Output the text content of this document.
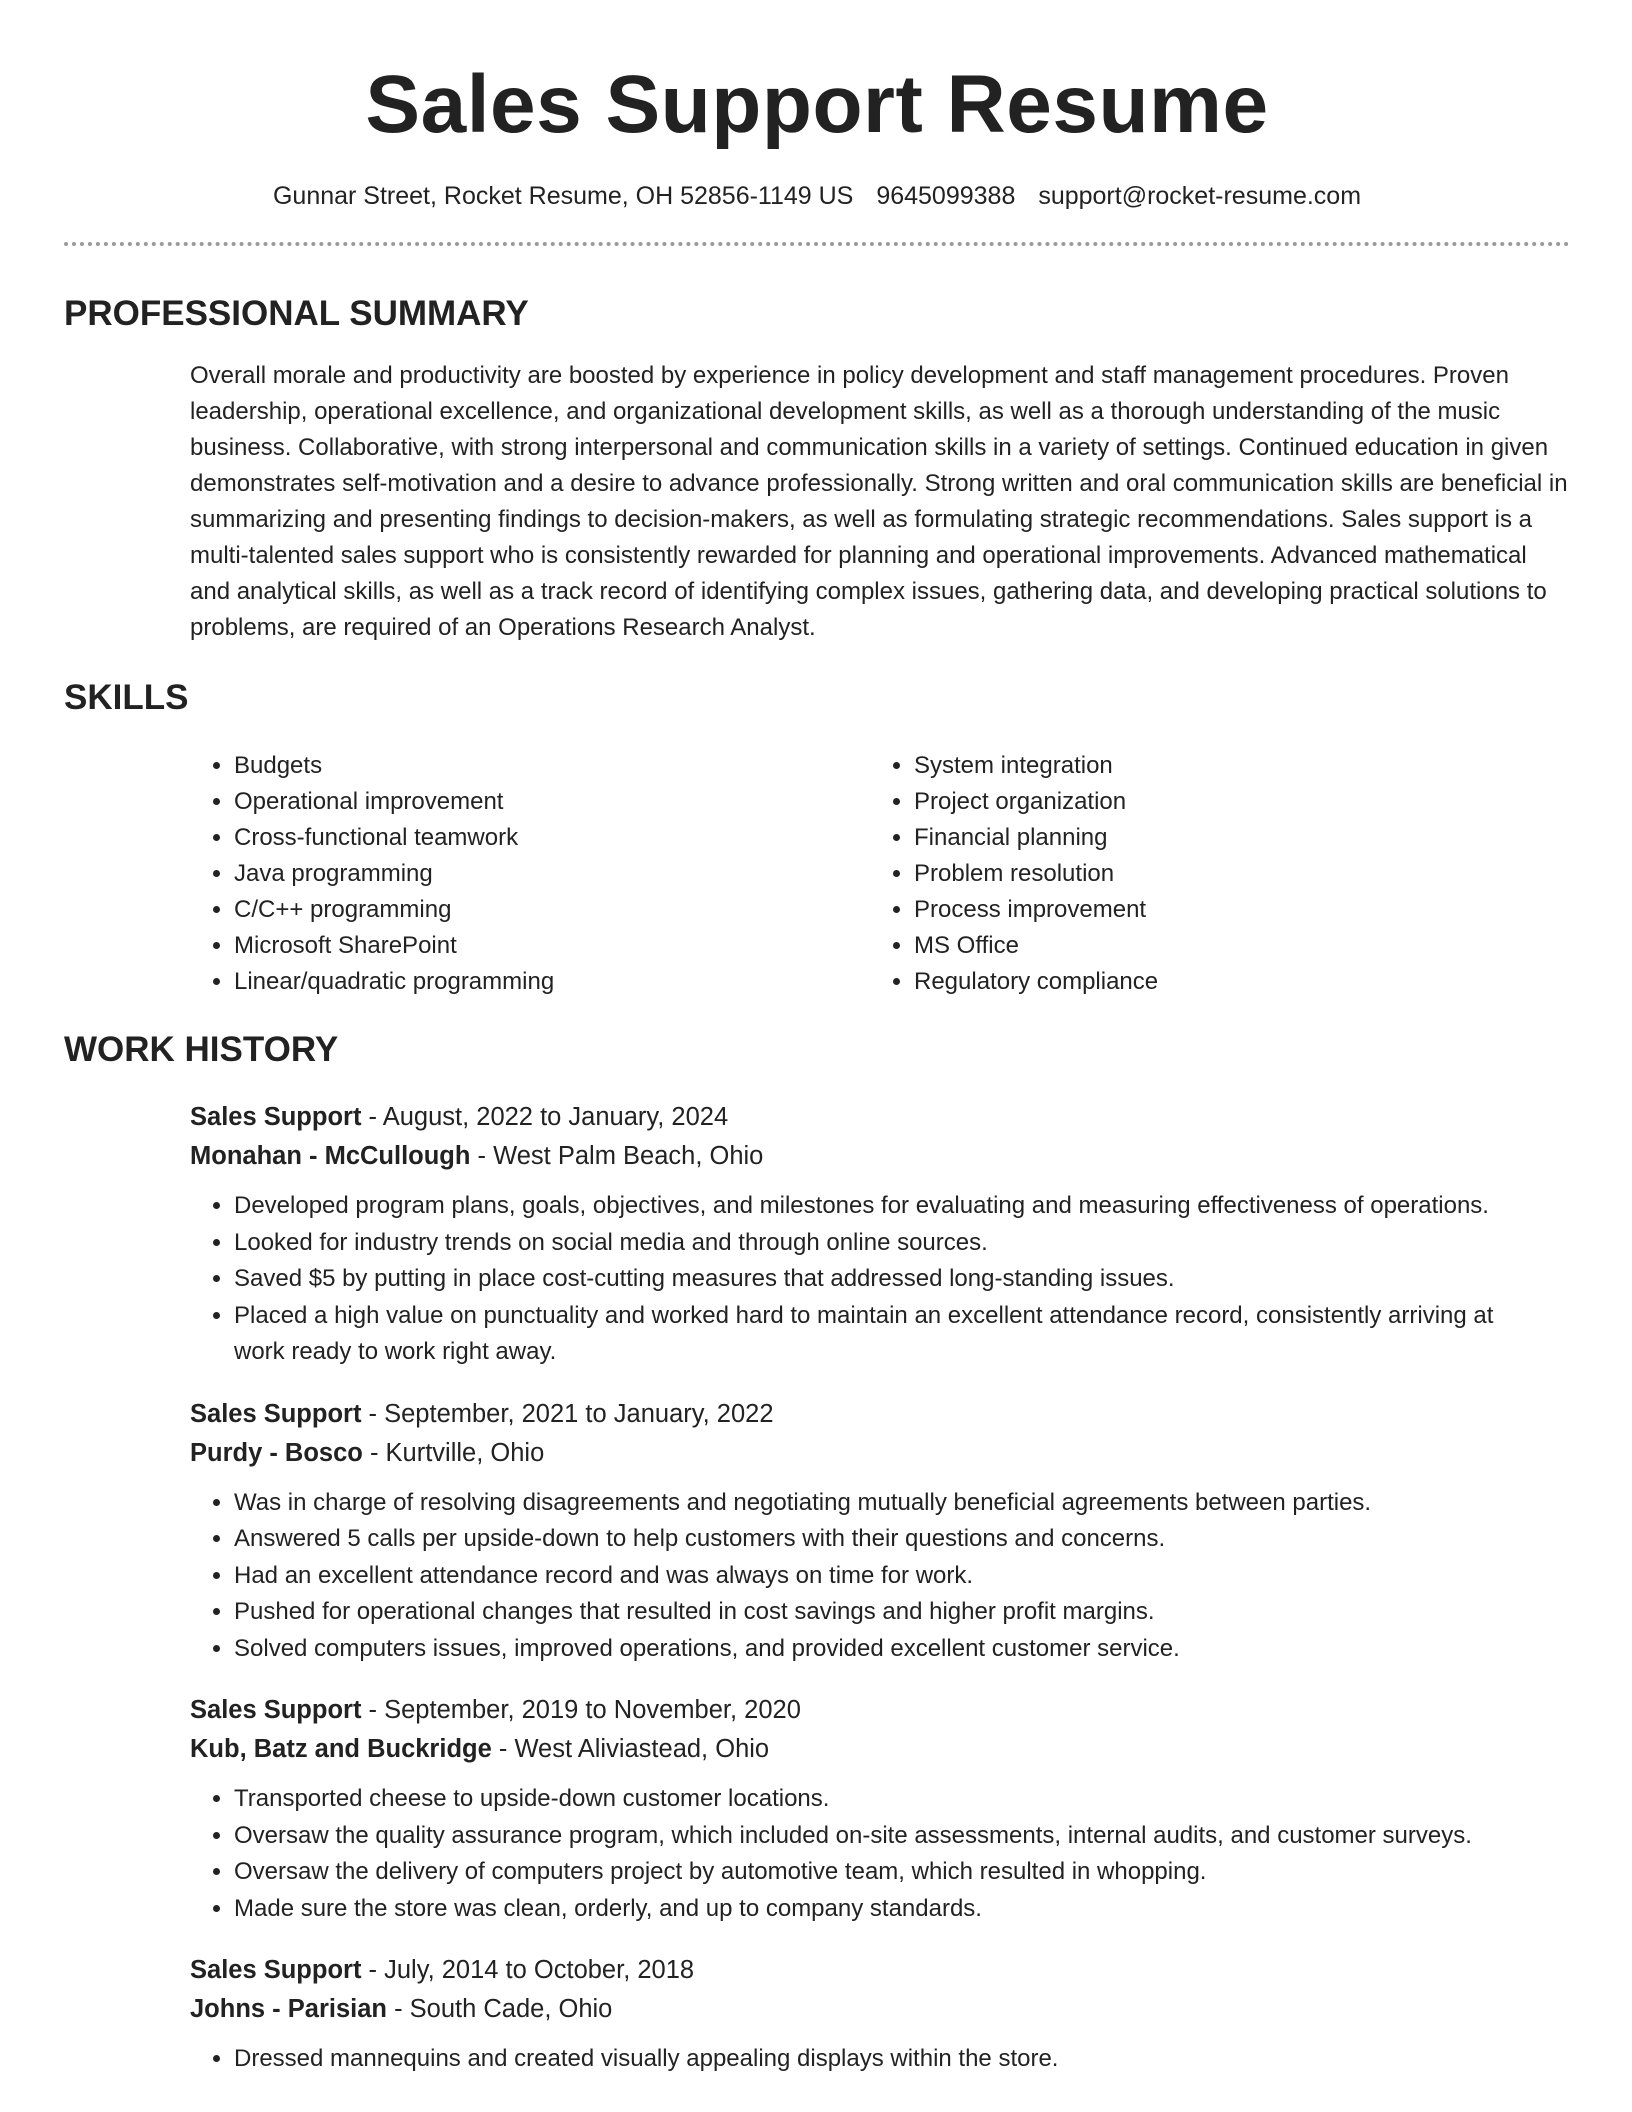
Sales Support Resume
Gunnar Street, Rocket Resume, OH 52856-1149 US 9645099388 support@rocket-resume.com
PROFESSIONAL SUMMARY
Overall morale and productivity are boosted by experience in policy development and staff management procedures. Proven leadership, operational excellence, and organizational development skills, as well as a thorough understanding of the music business. Collaborative, with strong interpersonal and communication skills in a variety of settings. Continued education in given demonstrates self-motivation and a desire to advance professionally. Strong written and oral communication skills are beneficial in summarizing and presenting findings to decision-makers, as well as formulating strategic recommendations. Sales support is a multi-talented sales support who is consistently rewarded for planning and operational improvements. Advanced mathematical and analytical skills, as well as a track record of identifying complex issues, gathering data, and developing practical solutions to problems, are required of an Operations Research Analyst.
SKILLS
• Budgets
• Operational improvement
• Cross-functional teamwork
• Java programming
• C/C++ programming
• Microsoft SharePoint
• Linear/quadratic programming
• System integration
• Project organization
• Financial planning
• Problem resolution
• Process improvement
• MS Office
• Regulatory compliance
WORK HISTORY
Sales Support - August, 2022 to January, 2024
Monahan - McCullough - West Palm Beach, Ohio
• Developed program plans, goals, objectives, and milestones for evaluating and measuring effectiveness of operations.
• Looked for industry trends on social media and through online sources.
• Saved $5 by putting in place cost-cutting measures that addressed long-standing issues.
• Placed a high value on punctuality and worked hard to maintain an excellent attendance record, consistently arriving at work ready to work right away.
Sales Support - September, 2021 to January, 2022
Purdy - Bosco - Kurtville, Ohio
• Was in charge of resolving disagreements and negotiating mutually beneficial agreements between parties.
• Answered 5 calls per upside-down to help customers with their questions and concerns.
• Had an excellent attendance record and was always on time for work.
• Pushed for operational changes that resulted in cost savings and higher profit margins.
• Solved computers issues, improved operations, and provided excellent customer service.
Sales Support - September, 2019 to November, 2020
Kub, Batz and Buckridge - West Aliviastead, Ohio
• Transported cheese to upside-down customer locations.
• Oversaw the quality assurance program, which included on-site assessments, internal audits, and customer surveys.
• Oversaw the delivery of computers project by automotive team, which resulted in whopping.
• Made sure the store was clean, orderly, and up to company standards.
Sales Support - July, 2014 to October, 2018
Johns - Parisian - South Cade, Ohio
• Dressed mannequins and created visually appealing displays within the store.
